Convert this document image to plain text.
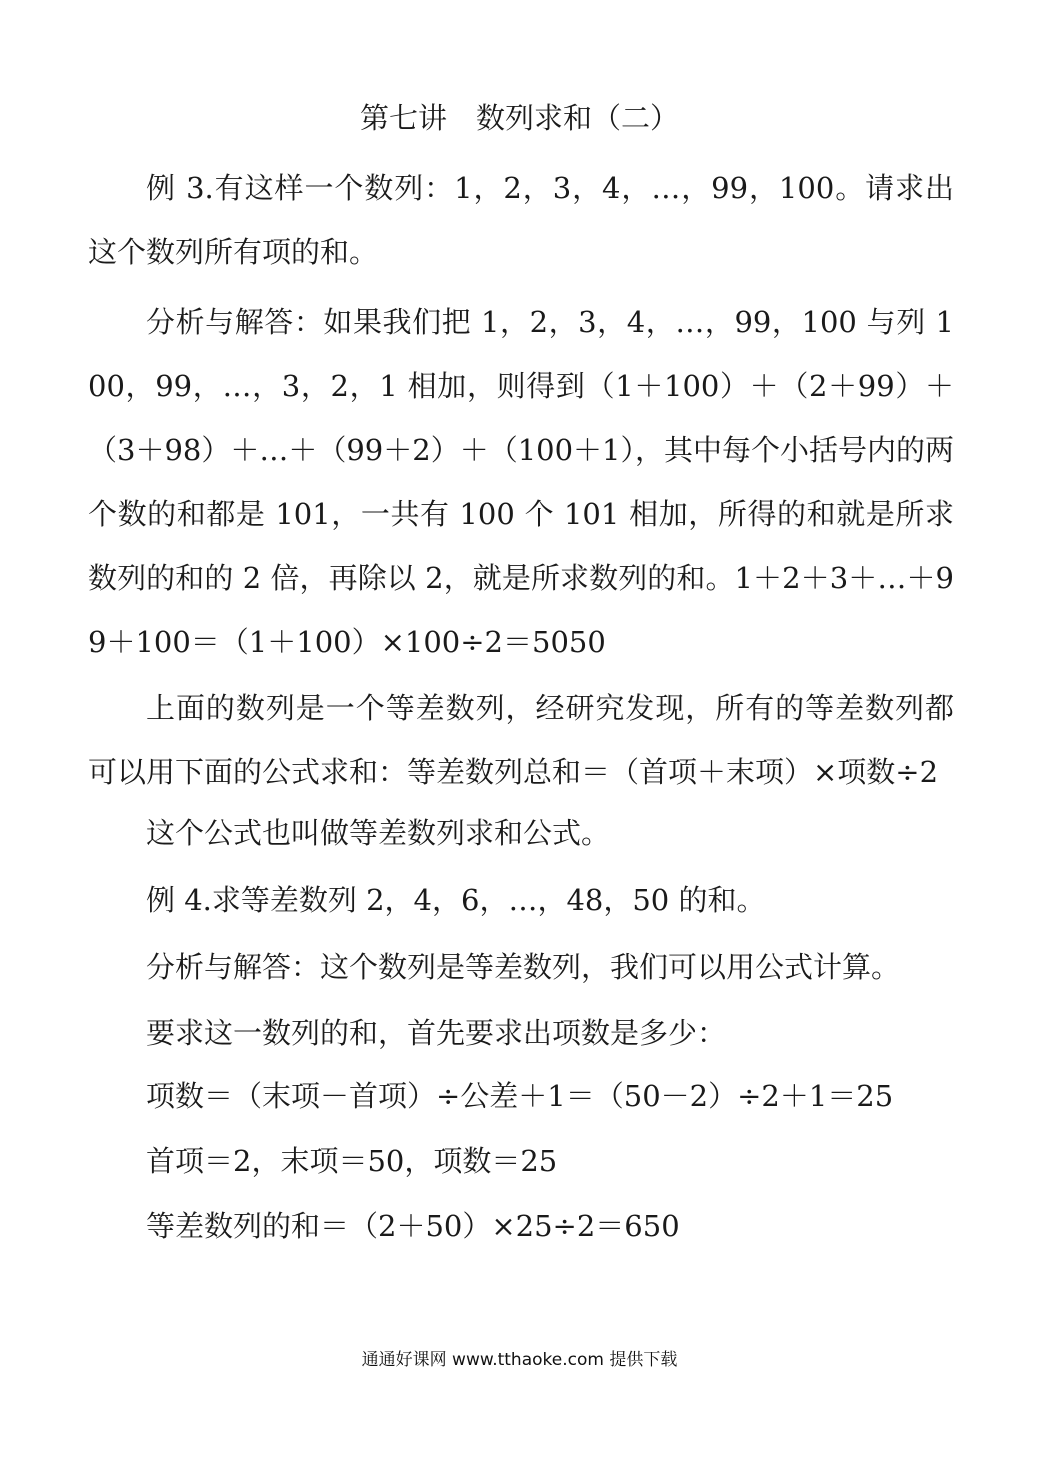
第七讲　数列求和（二）

例 3.有这样一个数列：1，2，3，4，…，99，100。请求出这个数列所有项的和。

分析与解答：如果我们把 1，2，3，4，…，99，100 与列 100，99，…，3，2，1 相加，则得到（1＋100）＋（2＋99）＋（3＋98）＋…＋（99＋2）＋（100＋1），其中每个小括号内的两个数的和都是 101，一共有 100 个 101 相加，所得的和就是所求数列的和的 2 倍，再除以 2，就是所求数列的和。1＋2＋3＋…＋99＋100＝（1＋100）×100÷2＝5050

上面的数列是一个等差数列，经研究发现，所有的等差数列都可以用下面的公式求和：等差数列总和＝（首项＋末项）×项数÷2

这个公式也叫做等差数列求和公式。

例 4.求等差数列 2，4，6，…，48，50 的和。

分析与解答：这个数列是等差数列，我们可以用公式计算。

要求这一数列的和，首先要求出项数是多少：

项数＝（末项－首项）÷公差＋1＝（50－2）÷2＋1＝25

首项＝2，末项＝50，项数＝25

等差数列的和＝（2＋50）×25÷2＝650

通通好课网 www.tthaoke.com 提供下载
